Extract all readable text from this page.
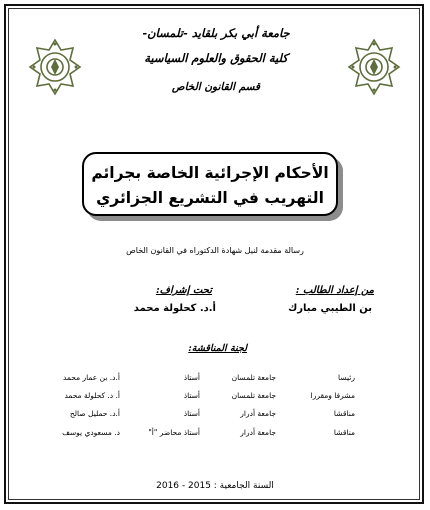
جامعة أبي بكر بلقايد -تلمسان-
كلية الحقوق والعلوم السياسية
قسم القانون الخاص
الأحكام الإجرائية الخاصة بجرائم
التهريب في التشريع الجزائري
رسالة مقدمة لنيل شهادة الدكتوراه في القانون الخاص
من إعداد الطالب :
بن الطيبي مبارك
تحت إشراف:
أ.د. كحلولة محمد
لجنة المناقشة:
أ.د. بن عمار محمد	أستاذ	جامعة تلمسان	رئيسا
أ. د. كحلولة محمد	أستاذ	جامعة تلمسان	مشرفا ومقررا
أ.د. حمليل صالح	أستاذ	جامعة أدرار	مناقشا
د. مسعودي يوسف	أستاذ محاضر "أ"	جامعة أدرار	مناقشا
السنة الجامعية : 2015 - 2016
